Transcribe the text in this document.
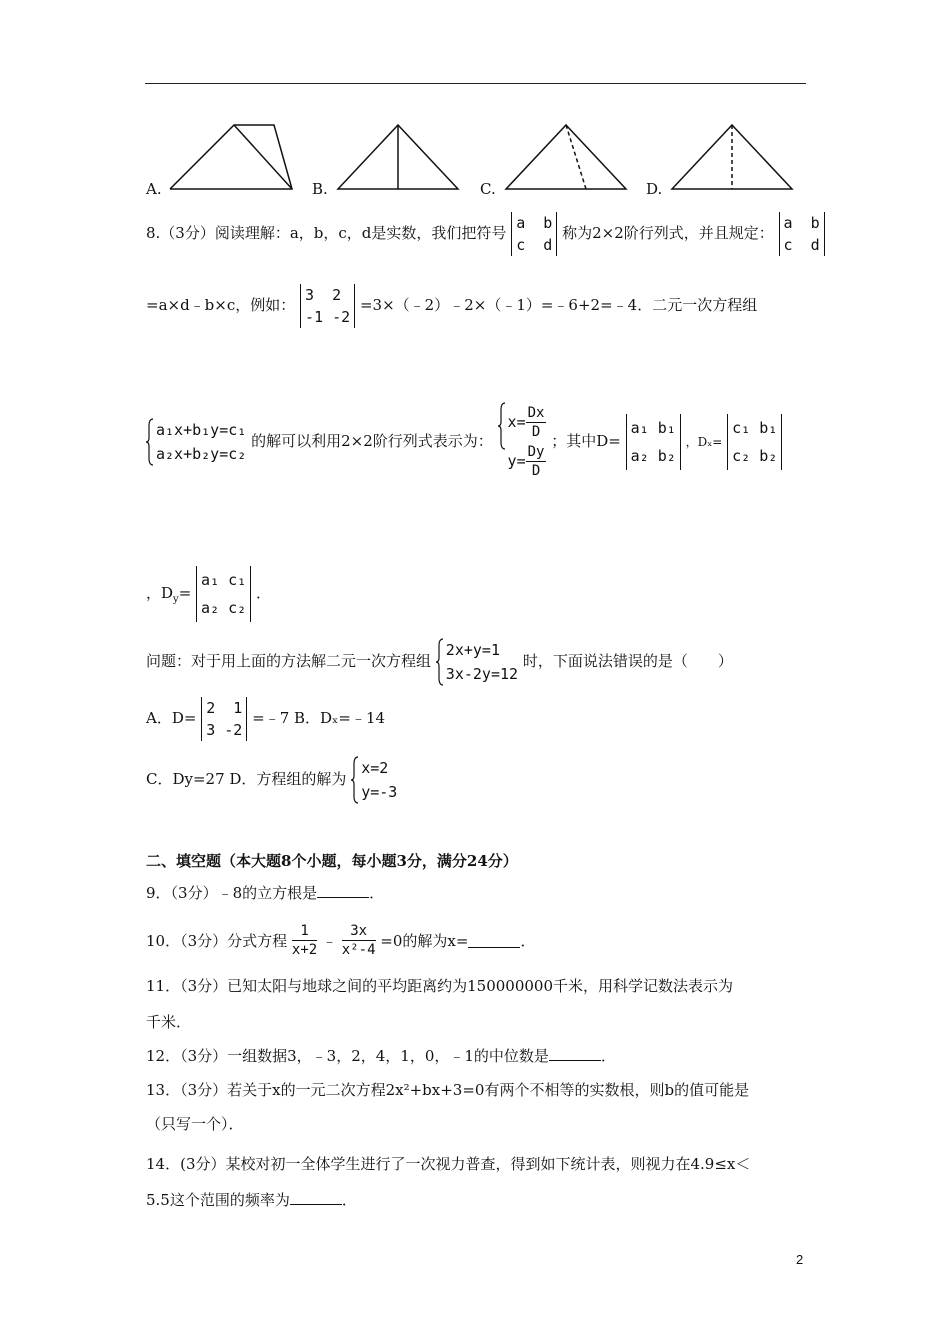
A.	B.	C.	D.
8.（3分）阅读理解：a，b，c，d是实数，我们把符号
a  b
c  d
称为2×2阶行列式，并且规定：
a  b
c  d
=a×d﹣b×c，例如：
3  2
-1 -2
=3×（﹣2）﹣2×（﹣1）=﹣6+2=﹣4．二元一次方程组
a₁x+b₁y=c₁
a₂x+b₂y=c₂
的解可以利用2×2阶行列式表示为：
$x= \frac{Dx}{D}$
$y= \frac{Dy}{D}$
；其中D=
a₁ b₁
a₂ b₂
，Dₓ=
c₁ b₁
c₂ b₂
，$D_y=$
a₁ c₁
a₂ c₂
．
问题：对于用上面的方法解二元一次方程组
2x+y=1
3x-2y=12
时，下面说法错误的是（　　）
A．D=
2  1
3 -2
=﹣7 B．Dₓ=﹣14
C．Dy=27 D．方程组的解为
x=2
y=-3
二、填空题（本大题8个小题，每小题3分，满分24分）
9．（3分）﹣8的立方根是	．
10．（3分）分式方程 $\frac{1}{x+2}$ ﹣ $\frac{3x}{\text{x²-4}} =0$的解为x=	．
11．（3分）已知太阳与地球之间的平均距离约为150000000千米，用科学记数法表示为
千米．
12．（3分）一组数据3，﹣3，2，4，1，0，﹣1的中位数是	．
13．（3分）若关于x的一元二次方程2x²+bx+3=0有两个不相等的实数根，则b的值可能是
（只写一个）．
14．(3分）某校对初一全体学生进行了一次视力普查，得到如下统计表，则视力在4.9≤x＜
5.5这个范围的频率为	．
2
